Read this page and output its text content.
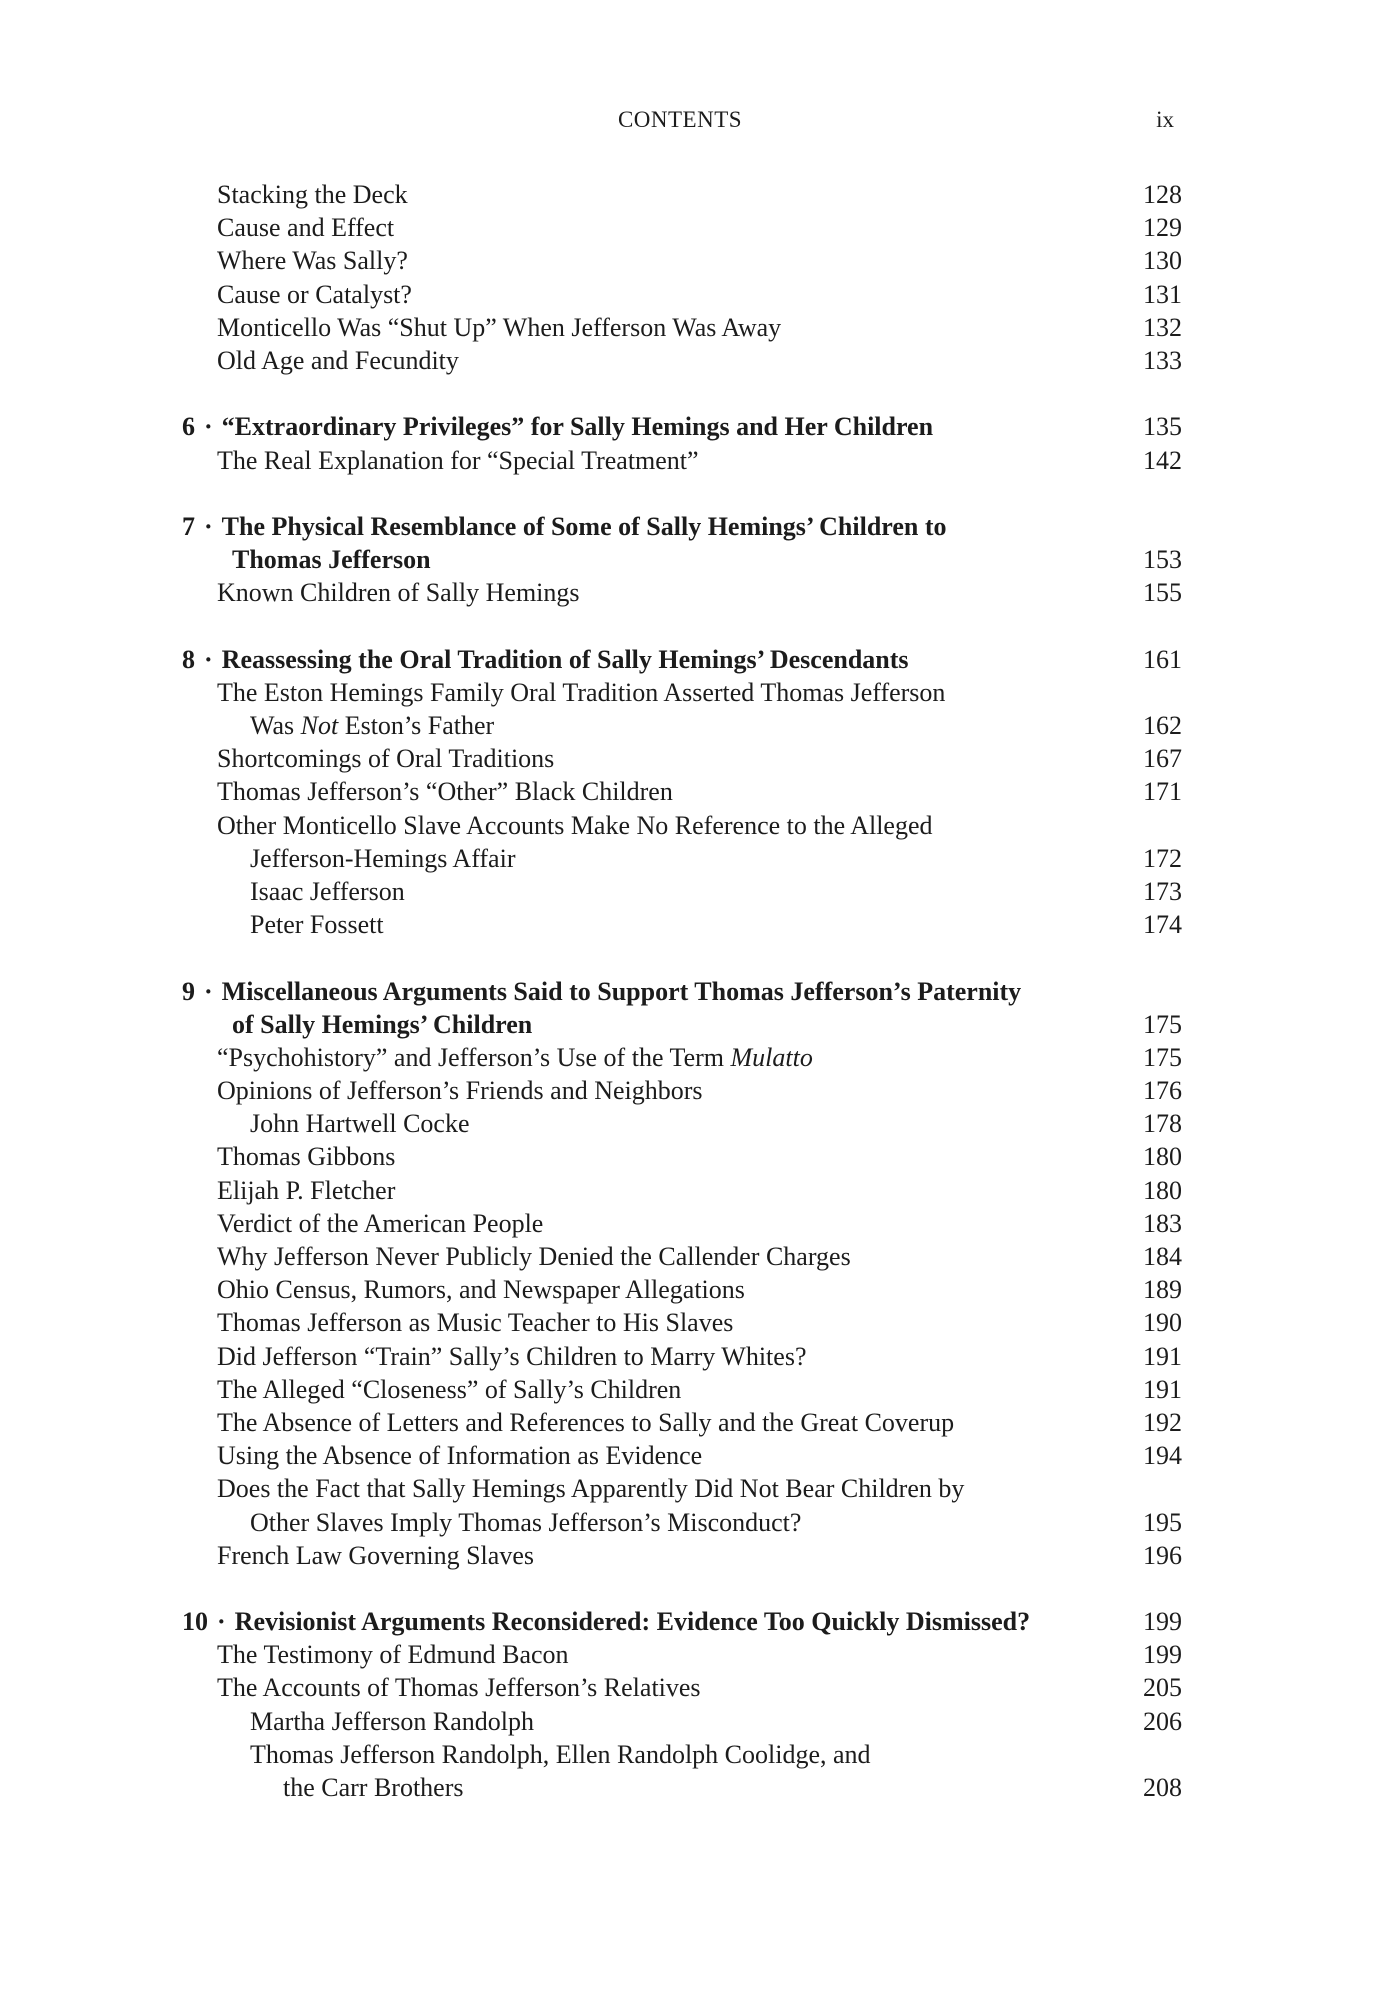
CONTENTS	ix
Stacking the Deck	128
Cause and Effect	129
Where Was Sally?	130
Cause or Catalyst?	131
Monticello Was “Shut Up” When Jefferson Was Away	132
Old Age and Fecundity	133
6 · “Extraordinary Privileges” for Sally Hemings and Her Children	135
The Real Explanation for “Special Treatment”	142
7 · The Physical Resemblance of Some of Sally Hemings’ Children to
Thomas Jefferson	153
Known Children of Sally Hemings	155
8 · Reassessing the Oral Tradition of Sally Hemings’ Descendants	161
The Eston Hemings Family Oral Tradition Asserted Thomas Jefferson
Was Not Eston’s Father	162
Shortcomings of Oral Traditions	167
Thomas Jefferson’s “Other” Black Children	171
Other Monticello Slave Accounts Make No Reference to the Alleged
Jefferson-Hemings Affair	172
Isaac Jefferson	173
Peter Fossett	174
9 · Miscellaneous Arguments Said to Support Thomas Jefferson’s Paternity
of Sally Hemings’ Children	175
“Psychohistory” and Jefferson’s Use of the Term Mulatto	175
Opinions of Jefferson’s Friends and Neighbors	176
John Hartwell Cocke	178
Thomas Gibbons	180
Elijah P. Fletcher	180
Verdict of the American People	183
Why Jefferson Never Publicly Denied the Callender Charges	184
Ohio Census, Rumors, and Newspaper Allegations	189
Thomas Jefferson as Music Teacher to His Slaves	190
Did Jefferson “Train” Sally’s Children to Marry Whites?	191
The Alleged “Closeness” of Sally’s Children	191
The Absence of Letters and References to Sally and the Great Coverup	192
Using the Absence of Information as Evidence	194
Does the Fact that Sally Hemings Apparently Did Not Bear Children by
Other Slaves Imply Thomas Jefferson’s Misconduct?	195
French Law Governing Slaves	196
10 · Revisionist Arguments Reconsidered: Evidence Too Quickly Dismissed?	199
The Testimony of Edmund Bacon	199
The Accounts of Thomas Jefferson’s Relatives	205
Martha Jefferson Randolph	206
Thomas Jefferson Randolph, Ellen Randolph Coolidge, and
the Carr Brothers	208
